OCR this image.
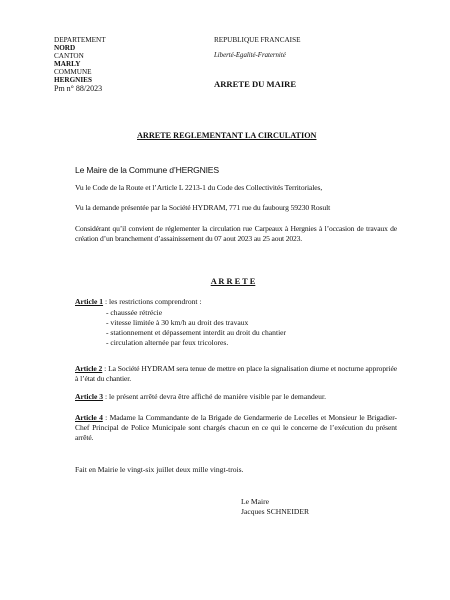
DEPARTEMENT
NORD
CANTON
MARLY
COMMUNE
HERGNIES
Pm n° 88/2023
REPUBLIQUE FRANCAISE
Liberté-Egalité-Fraternité
ARRETE DU MAIRE
ARRETE REGLEMENTANT LA CIRCULATION
Le Maire de la Commune d’HERGNIES
Vu le Code de la Route et l’Article L 2213-1 du Code des Collectivités Territoriales,
Vu la demande présentée par la Société HYDRAM, 771 rue du faubourg 59230 Rosult
Considérant qu’il convient de réglementer la circulation rue Carpeaux à Hergnies à l’occasion de travaux de création d’un branchement d’assainissement du 07 aout 2023 au 25 aout 2023.
A R R E T E
Article 1 : les restrictions comprendront :
- chaussée rétrécie
- vitesse limitée à 30 km/h au droit des travaux
- stationnement et dépassement interdit au droit du chantier
- circulation alternée par feux tricolores.
Article 2 : La Société HYDRAM sera tenue de mettre en place la signalisation diurne et nocturne appropriée à l’état du chantier.
Article 3 : le présent arrêté devra être affiché de manière visible par le demandeur.
Article 4 : Madame la Commandante de la Brigade de Gendarmerie de Lecelles et Monsieur le Brigadier-Chef Principal de Police Municipale sont chargés chacun en ce qui le concerne de l’exécution du présent arrêté.
Fait en Mairie le vingt-six juillet deux mille vingt-trois.
Le Maire
Jacques SCHNEIDER
